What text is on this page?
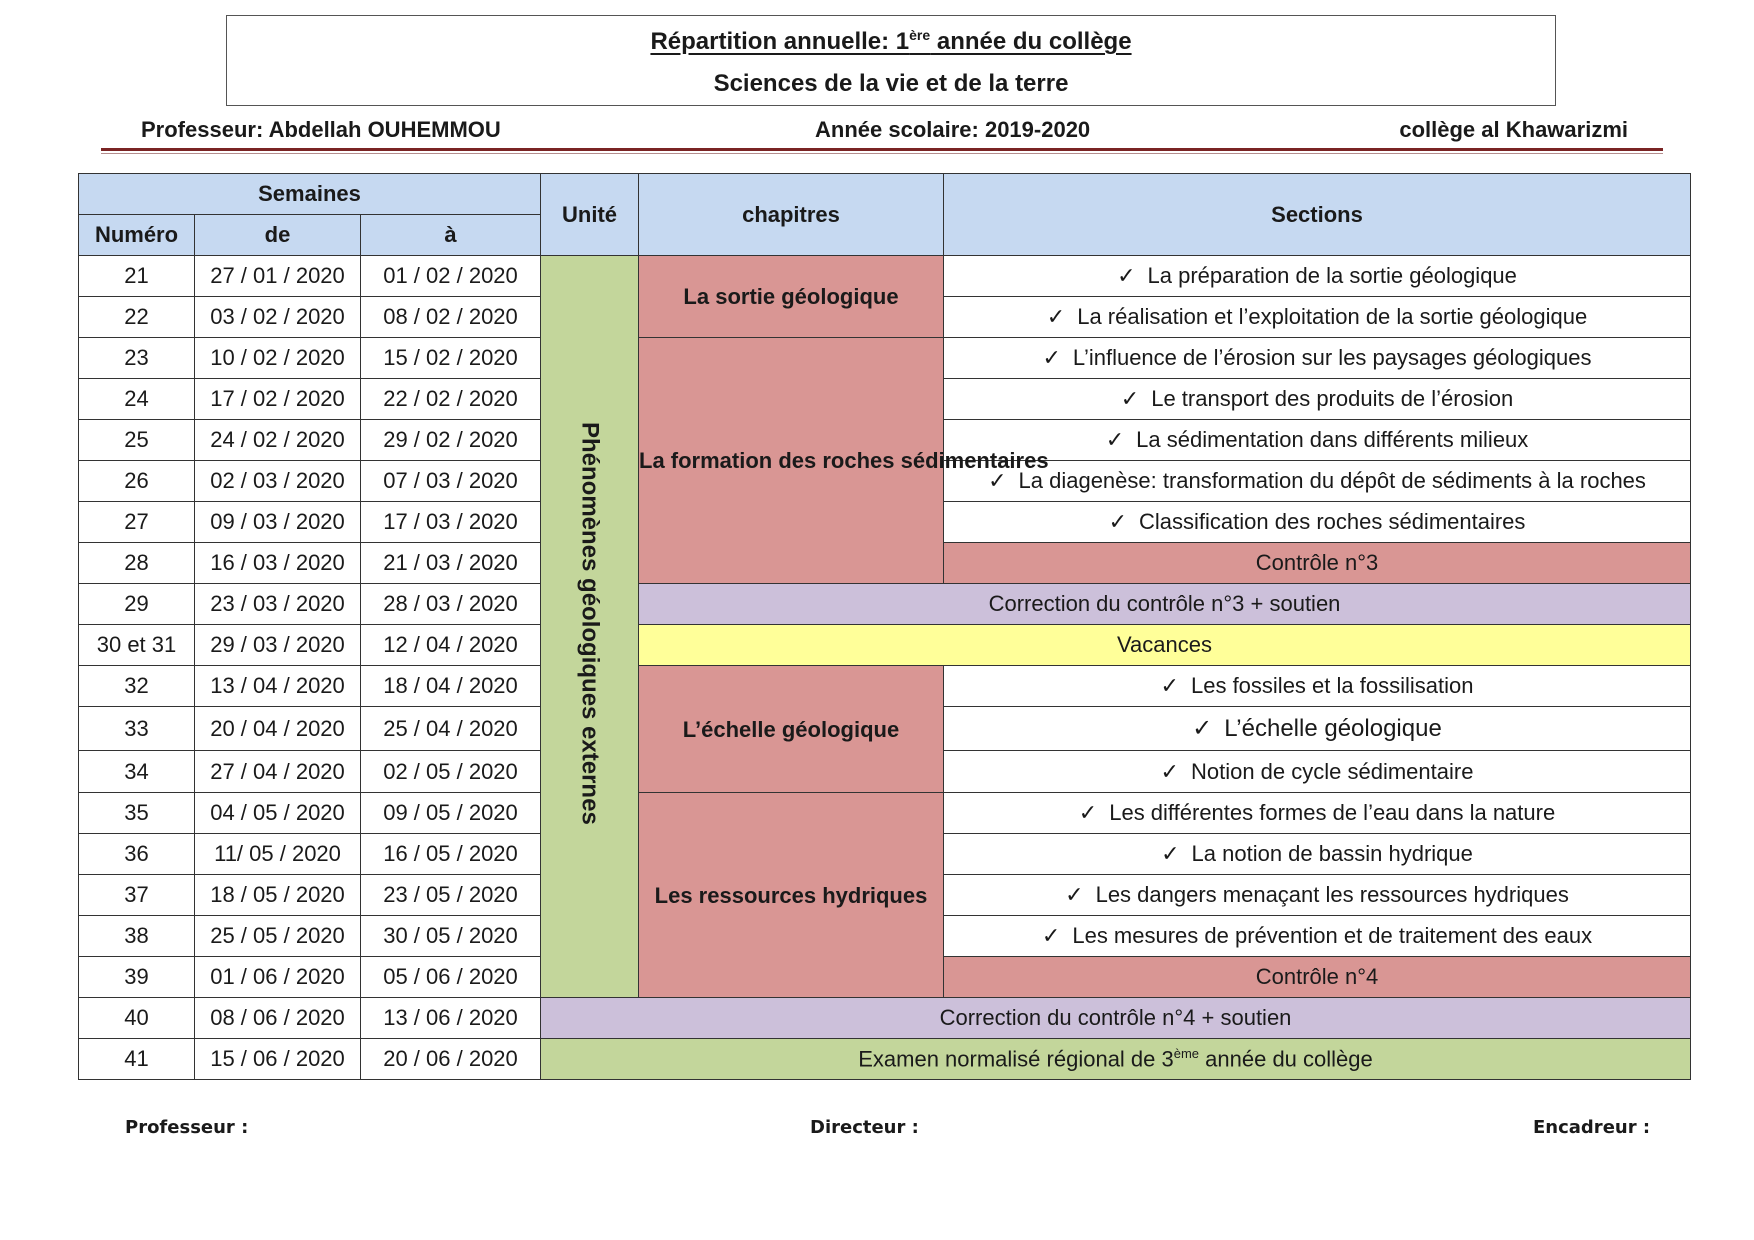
Répartition annuelle: 1ère année du collège
Sciences de la vie et de la terre
Professeur: Abdellah OUHEMMOU	Année scolaire: 2019-2020	collège al Khawarizmi
Semaines			Unité	chapitres	Sections
Numéro	de	à			
21	27 / 01 / 2020	01 / 02 / 2020	Phénomènes géologiques externes	La sortie géologique	✓ La préparation de la sortie géologique
22	03 / 02 / 2020	08 / 02 / 2020			✓ La réalisation et l’exploitation de la sortie géologique
23	10 / 02 / 2020	15 / 02 / 2020		La formation des roches sédimentaires	✓ L’influence de l’érosion sur les paysages géologiques
24	17 / 02 / 2020	22 / 02 / 2020			✓ Le transport des produits de l’érosion
25	24 / 02 / 2020	29 / 02 / 2020			✓ La sédimentation dans différents milieux
26	02 / 03 / 2020	07 / 03 / 2020			✓ La diagenèse: transformation du dépôt de sédiments à la roches
27	09 / 03 / 2020	17 / 03 / 2020			✓ Classification des roches sédimentaires
28	16 / 03 / 2020	21 / 03 / 2020			Contrôle n°3
29	23 / 03 / 2020	28 / 03 / 2020		Correction du contrôle n°3 + soutien	
30 et 31	29 / 03 / 2020	12 / 04 / 2020		Vacances	
32	13 / 04 / 2020	18 / 04 / 2020		L’échelle géologique	✓ Les fossiles et la fossilisation
33	20 / 04 / 2020	25 / 04 / 2020			✓ L’échelle géologique
34	27 / 04 / 2020	02 / 05 / 2020			✓ Notion de cycle sédimentaire
35	04 / 05 / 2020	09 / 05 / 2020		Les ressources hydriques	✓ Les différentes formes de l’eau dans la nature
36	11/ 05 / 2020	16 / 05 / 2020			✓ La notion de bassin hydrique
37	18 / 05 / 2020	23 / 05 / 2020			✓ Les dangers menaçant les ressources hydriques
38	25 / 05 / 2020	30 / 05 / 2020			✓ Les mesures de prévention et de traitement des eaux
39	01 / 06 / 2020	05 / 06 / 2020			Contrôle n°4
40	08 / 06 / 2020	13 / 06 / 2020	Correction du contrôle n°4 + soutien		
41	15 / 06 / 2020	20 / 06 / 2020	Examen normalisé régional de 3ème année du collège		
Professeur :	Directeur :	Encadreur :
